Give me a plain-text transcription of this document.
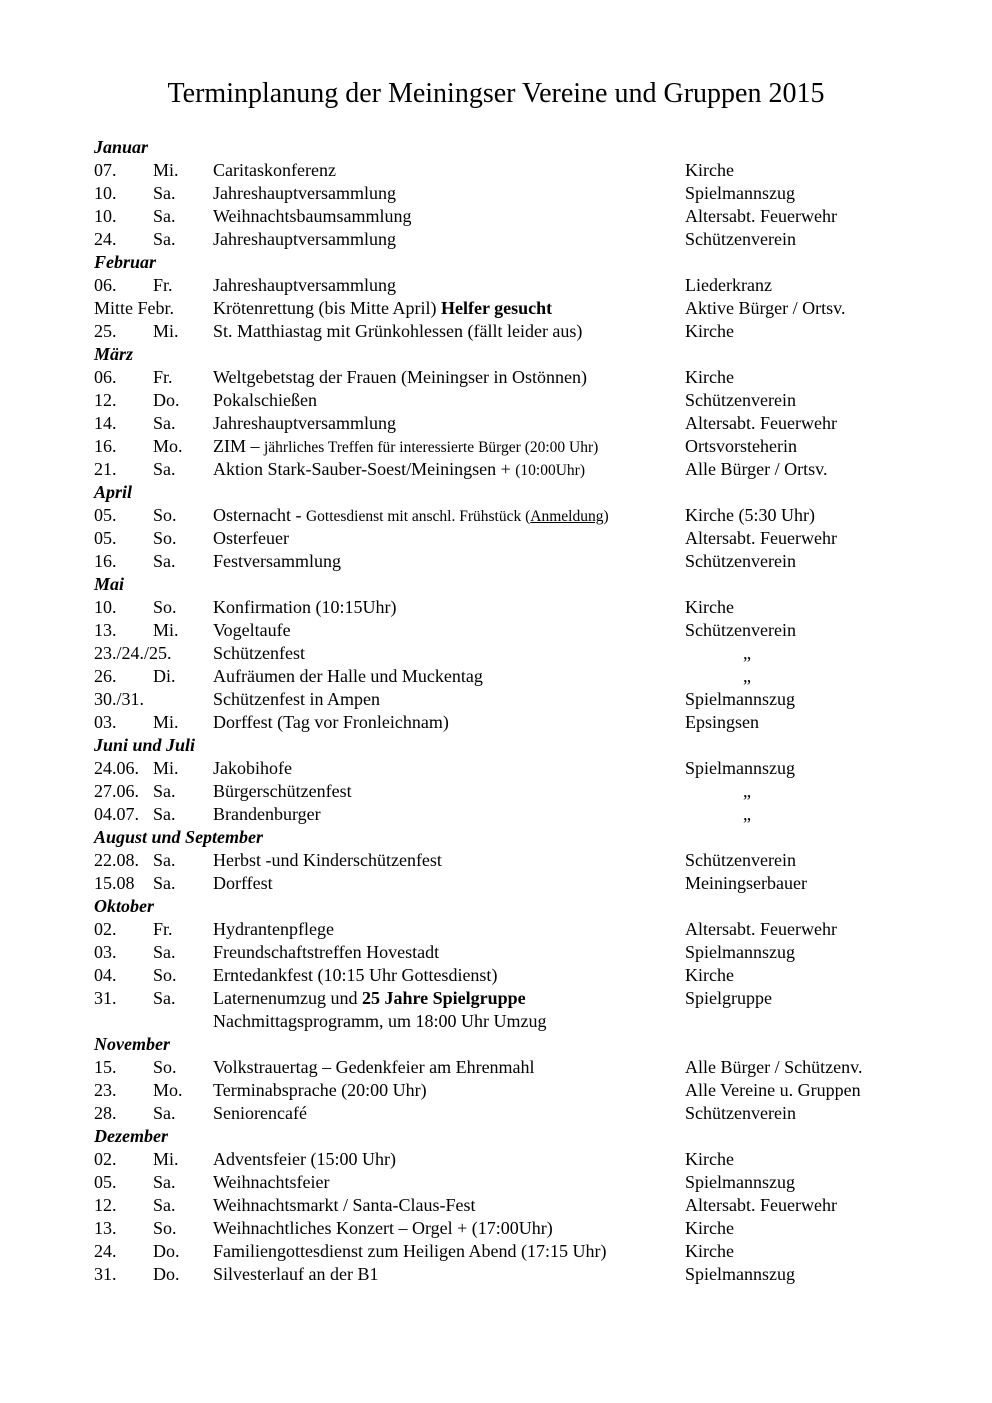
Terminplanung der Meiningser Vereine und Gruppen 2015
Januar
07. Mi. Caritaskonferenz	Kirche
10. Sa. Jahreshauptversammlung	Spielmannszug
10. Sa. Weihnachtsbaumsammlung	Altersabt. Feuerwehr
24. Sa. Jahreshauptversammlung	Schützenverein
Februar
06. Fr. Jahreshauptversammlung	Liederkranz
Mitte Febr. Krötenrettung (bis Mitte April) Helfer gesucht	Aktive Bürger / Ortsv.
25. Mi. St. Matthiastag mit Grünkohlessen (fällt leider aus)	Kirche
März
06. Fr. Weltgebetstag der Frauen (Meiningser in Ostönnen)	Kirche
12. Do. Pokalschießen	Schützenverein
14. Sa. Jahreshauptversammlung	Altersabt. Feuerwehr
16. Mo. ZIM – jährliches Treffen für interessierte Bürger (20:00 Uhr)	Ortsvorsteherin
21. Sa. Aktion Stark-Sauber-Soest/Meiningsen + (10:00Uhr)	Alle Bürger / Ortsv.
April
05. So. Osternacht - Gottesdienst mit anschl. Frühstück (Anmeldung)	Kirche (5:30 Uhr)
05. So. Osterfeuer	Altersabt. Feuerwehr
16. Sa. Festversammlung	Schützenverein
Mai
10. So. Konfirmation (10:15Uhr)	Kirche
13. Mi. Vogeltaufe	Schützenverein
23./24./25. Schützenfest	„
26. Di. Aufräumen der Halle und Muckentag	„
30./31.	Schützenfest in Ampen	Spielmannszug
03. Mi. Dorffest (Tag vor Fronleichnam)	Epsingsen
Juni und Juli
24.06. Mi. Jakobihofe	Spielmannszug
27.06. Sa. Bürgerschützenfest	„
04.07. Sa. Brandenburger	„
August und September
22.08. Sa. Herbst -und Kinderschützenfest	Schützenverein
15.08 Sa. Dorffest	Meiningserbauer
Oktober
02. Fr. Hydrantenpflege	Altersabt. Feuerwehr
03. Sa. Freundschaftstreffen Hovestadt	Spielmannszug
04. So. Erntedankfest (10:15 Uhr Gottesdienst)	Kirche
31. Sa. Laternenumzug und 25 Jahre Spielgruppe	Spielgruppe
Nachmittagsprogramm, um 18:00 Uhr Umzug
November
15. So. Volkstrauertag – Gedenkfeier am Ehrenmahl	Alle Bürger / Schützenv.
23. Mo. Terminabsprache (20:00 Uhr)	Alle Vereine u. Gruppen
28. Sa. Seniorencafé	Schützenverein
Dezember
02. Mi. Adventsfeier (15:00 Uhr)	Kirche
05. Sa. Weihnachtsfeier	Spielmannszug
12. Sa. Weihnachtsmarkt / Santa-Claus-Fest	Altersabt. Feuerwehr
13. So. Weihnachtliches Konzert – Orgel + (17:00Uhr)	Kirche
24. Do. Familiengottesdienst zum Heiligen Abend (17:15 Uhr)	Kirche
31. Do. Silvesterlauf an der B1	Spielmannszug
